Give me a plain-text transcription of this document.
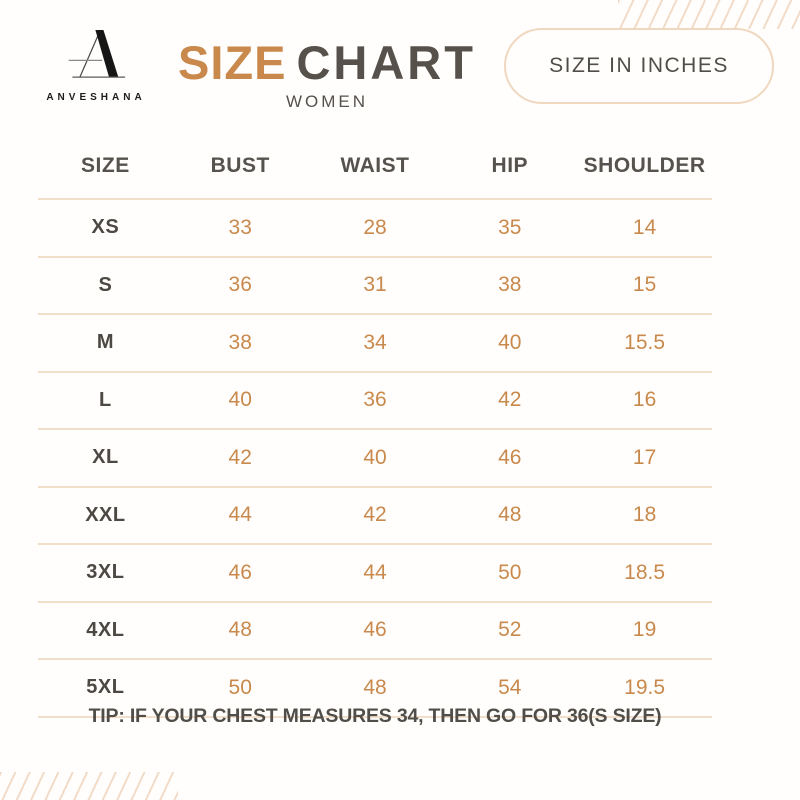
ANVESHANA
SIZE CHART
WOMEN
SIZE IN INCHES
SIZE	BUST	WAIST	HIP	SHOULDER
XS	33	28	35	14
S	36	31	38	15
M	38	34	40	15.5
L	40	36	42	16
XL	42	40	46	17
XXL	44	42	48	18
3XL	46	44	50	18.5
4XL	48	46	52	19
5XL	50	48	54	19.5
TIP: IF YOUR CHEST MEASURES 34, THEN GO FOR 36(S SIZE)
